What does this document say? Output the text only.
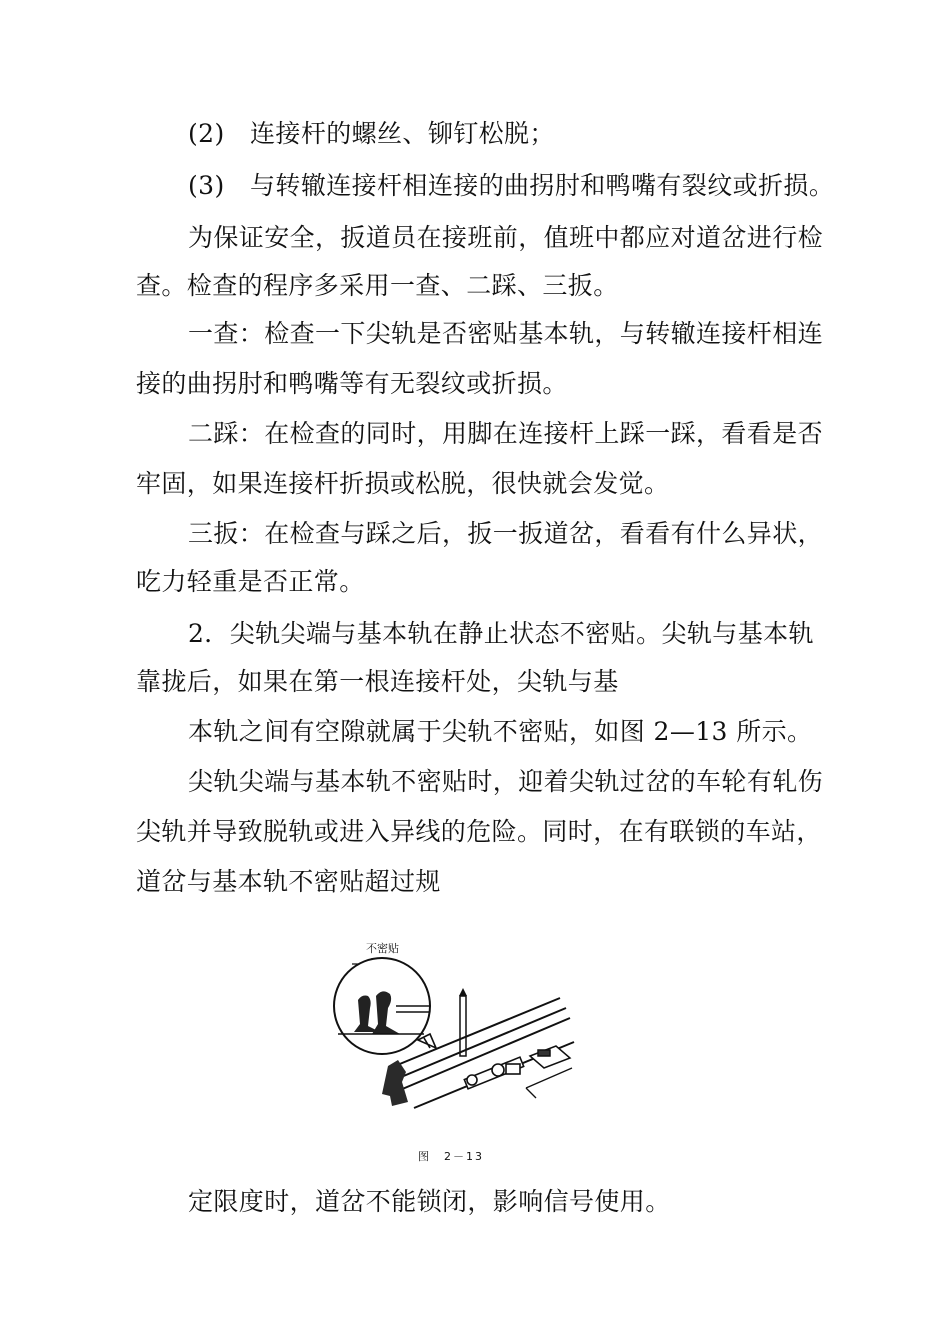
(2)　连接杆的螺丝、铆钉松脱；
(3)　与转辙连接杆相连接的曲拐肘和鸭嘴有裂纹或折损。
为保证安全，扳道员在接班前，值班中都应对道岔进行检
查。检查的程序多采用一查、二踩、三扳。
一查：检查一下尖轨是否密贴基本轨，与转辙连接杆相连
接的曲拐肘和鸭嘴等有无裂纹或折损。
二踩：在检查的同时，用脚在连接杆上踩一踩，看看是否
牢固，如果连接杆折损或松脱，很快就会发觉。
三扳：在检查与踩之后，扳一扳道岔，看看有什么异状，
吃力轻重是否正常。
2．尖轨尖端与基本轨在静止状态不密贴。尖轨与基本轨
靠拢后，如果在第一根连接杆处，尖轨与基
本轨之间有空隙就属于尖轨不密贴，如图 2—13 所示。
尖轨尖端与基本轨不密贴时，迎着尖轨过岔的车轮有轧伤
尖轨并导致脱轨或进入异线的危险。同时，在有联锁的车站，
道岔与基本轨不密贴超过规
不密贴
图　2－13
定限度时，道岔不能锁闭，影响信号使用。
